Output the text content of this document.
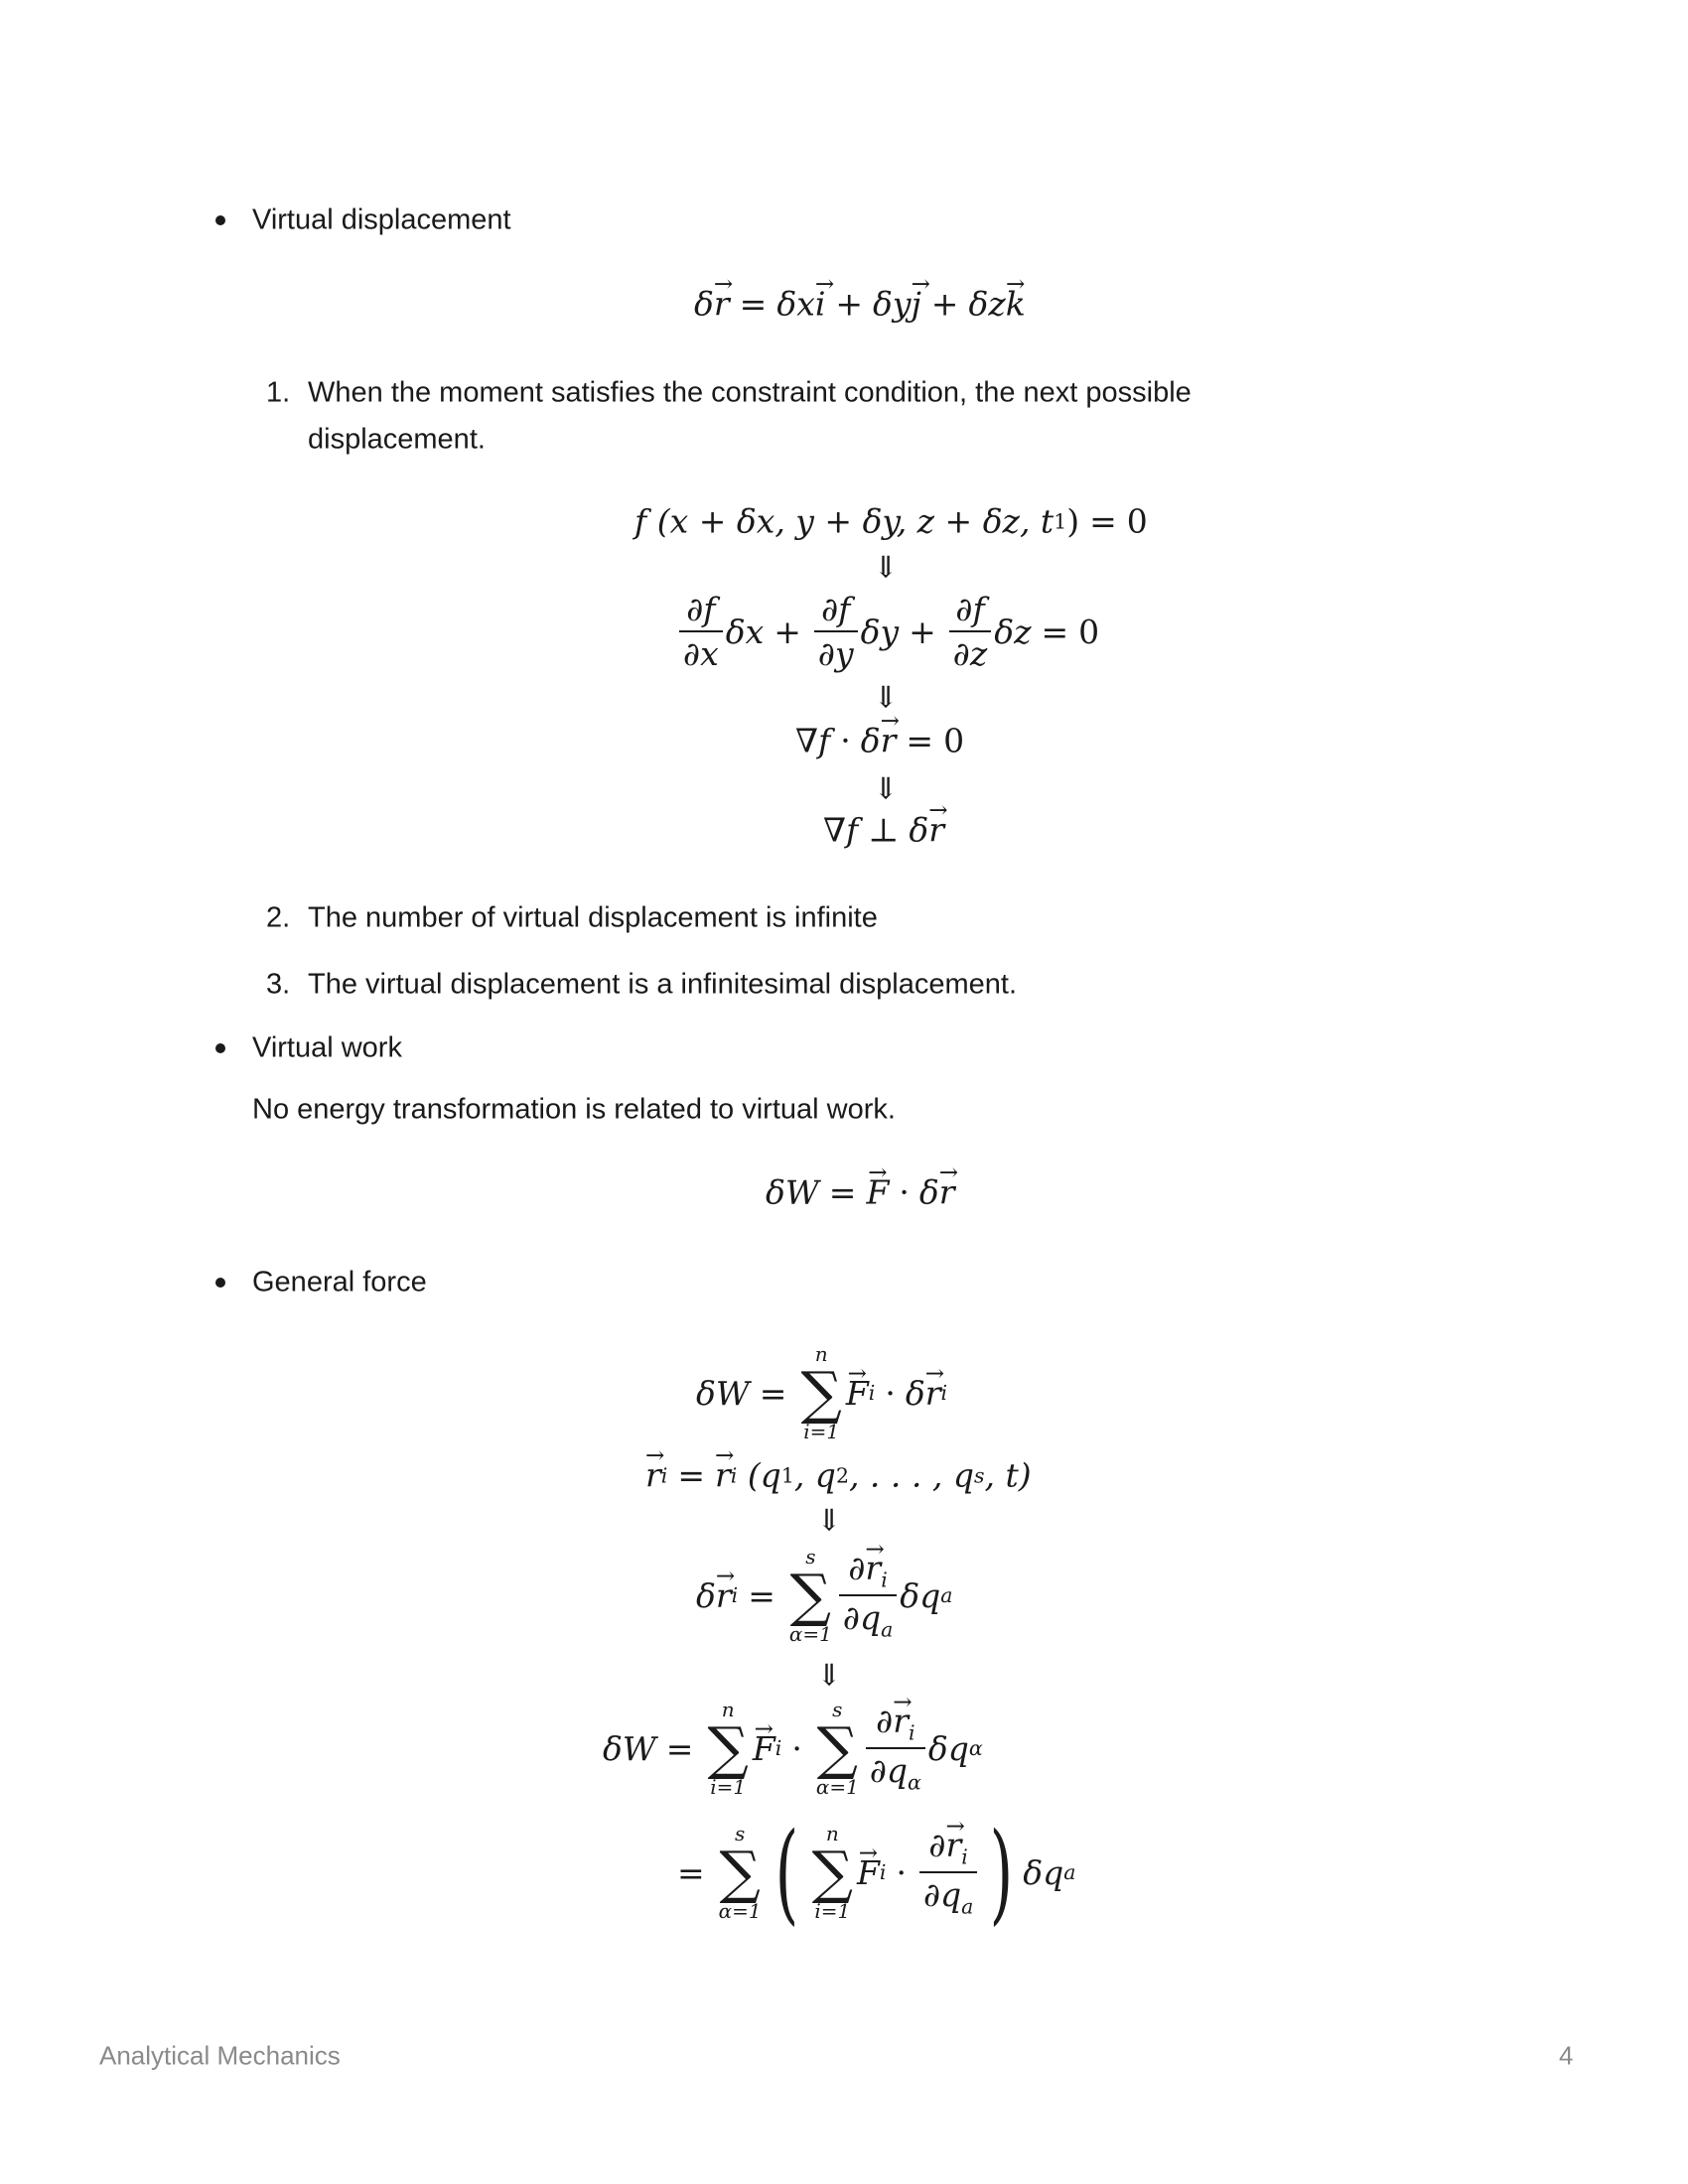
Virtual displacement
δ r → = δ x i → + δ y j → + δ z k →
1. When the moment satisfies the constraint condition, the next possible
displacement.
f
(x + δx, y + δy, z + δz, t 1 ) = 0
⇓
$\frac{\partial f}{\partial x}$ δ $x + \frac{\partial f}{\partial y}$ δ $y + \frac{\partial f}{\partial z}$ δ z = 0
⇓
∇ f · δ r → = 0
⇓
∇ f ⊥ δ r →
2. The number of virtual displacement is infinite
3. The virtual displacement is a infinitesimal displacement.
Virtual work
No energy transformation is related to virtual work.
δ W = F → · δ r →
General force
δ W =
n
∑
i=1
F → i · δ r → i
r → i = r → i
(q 1 , q 2 , . . . , q s , t)
⇓
δ r → i =
s
∑
$\alpha=1 \frac{\partial r \to_i}{\partial q_a}$ δ q a
⇓
δ W =
n
∑
i=1
F → i ·
s
∑
$\alpha=1 \frac{\partial r \to_i}{\partial q_\alpha}$ δ q α
=
s
∑
α=1 ( n
∑
i=1
$F \to i \cdot \frac{\partial r \to_i}{\partial q_a}$ ) δ q a
Analytical Mechanics	4
